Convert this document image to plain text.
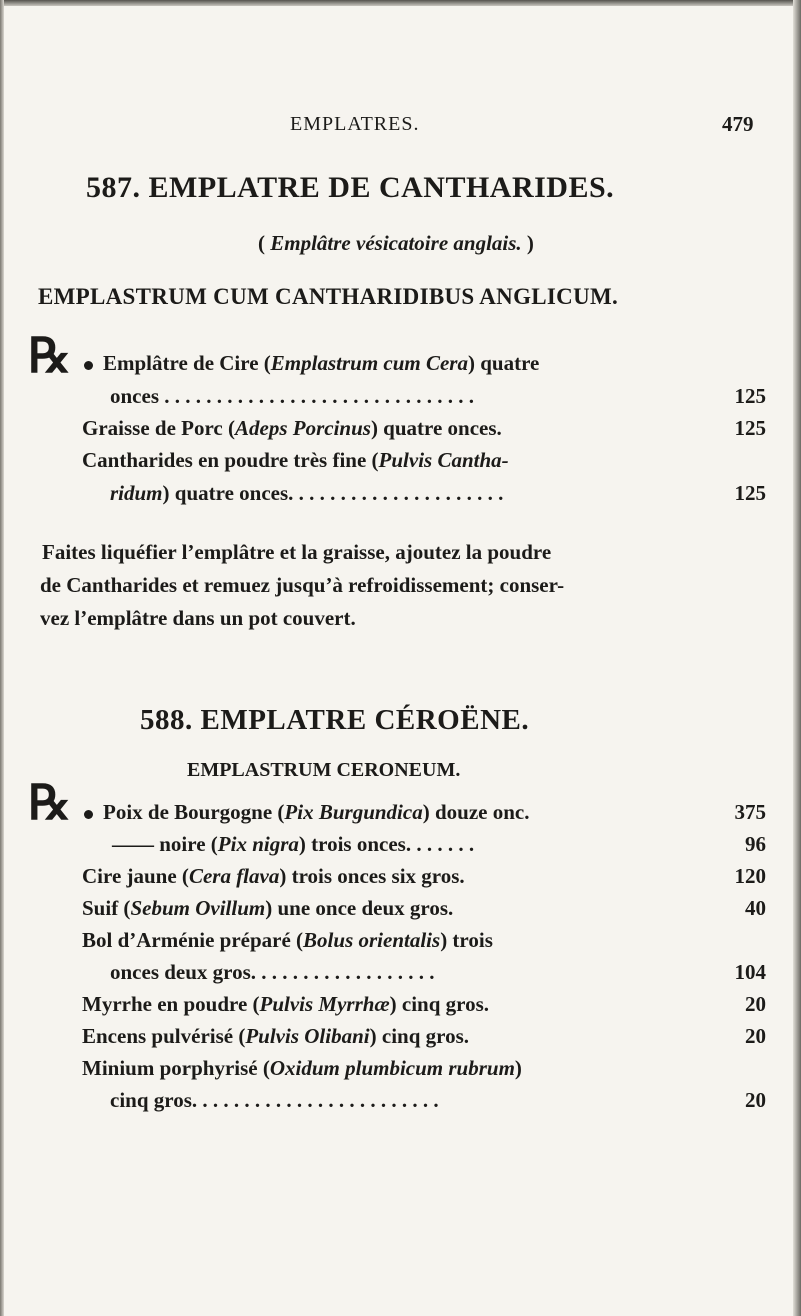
EMPLATRES.	479
587. EMPLATRE DE CANTHARIDES.
( Emplâtre vésicatoire anglais. )
EMPLASTRUM CUM CANTHARIDIBUS ANGLICUM.
℞	Emplâtre de Cire (Emplastrum cum Cera) quatre
onces . . . . . . . . . . . . . . . . . . . . . . . . . . . . . .	125
Graisse de Porc (Adeps Porcinus) quatre onces.	125
Cantharides en poudre très fine (Pulvis Cantha-
ridum) quatre onces. . . . . . . . . . . . . . . . . . . . .	125
Faites liquéfier l’emplâtre et la graisse, ajoutez la poudre
de Cantharides et remuez jusqu’à refroidissement; conser-
vez l’emplâtre dans un pot couvert.
588. EMPLATRE CÉROËNE.
EMPLASTRUM CERONEUM.
℞	Poix de Bourgogne (Pix Burgundica) douze onc.	375
—— noire (Pix nigra) trois onces. . . . . . .	96
Cire jaune (Cera flava) trois onces six gros.	120
Suif (Sebum Ovillum) une once deux gros.	40
Bol d’Arménie préparé (Bolus orientalis) trois
onces deux gros. . . . . . . . . . . . . . . . . .	104
Myrrhe en poudre (Pulvis Myrrhæ) cinq gros.	20
Encens pulvérisé (Pulvis Olibani) cinq gros.	20
Minium porphyrisé (Oxidum plumbicum rubrum)
cinq gros. . . . . . . . . . . . . . . . . . . . . . . .	20
